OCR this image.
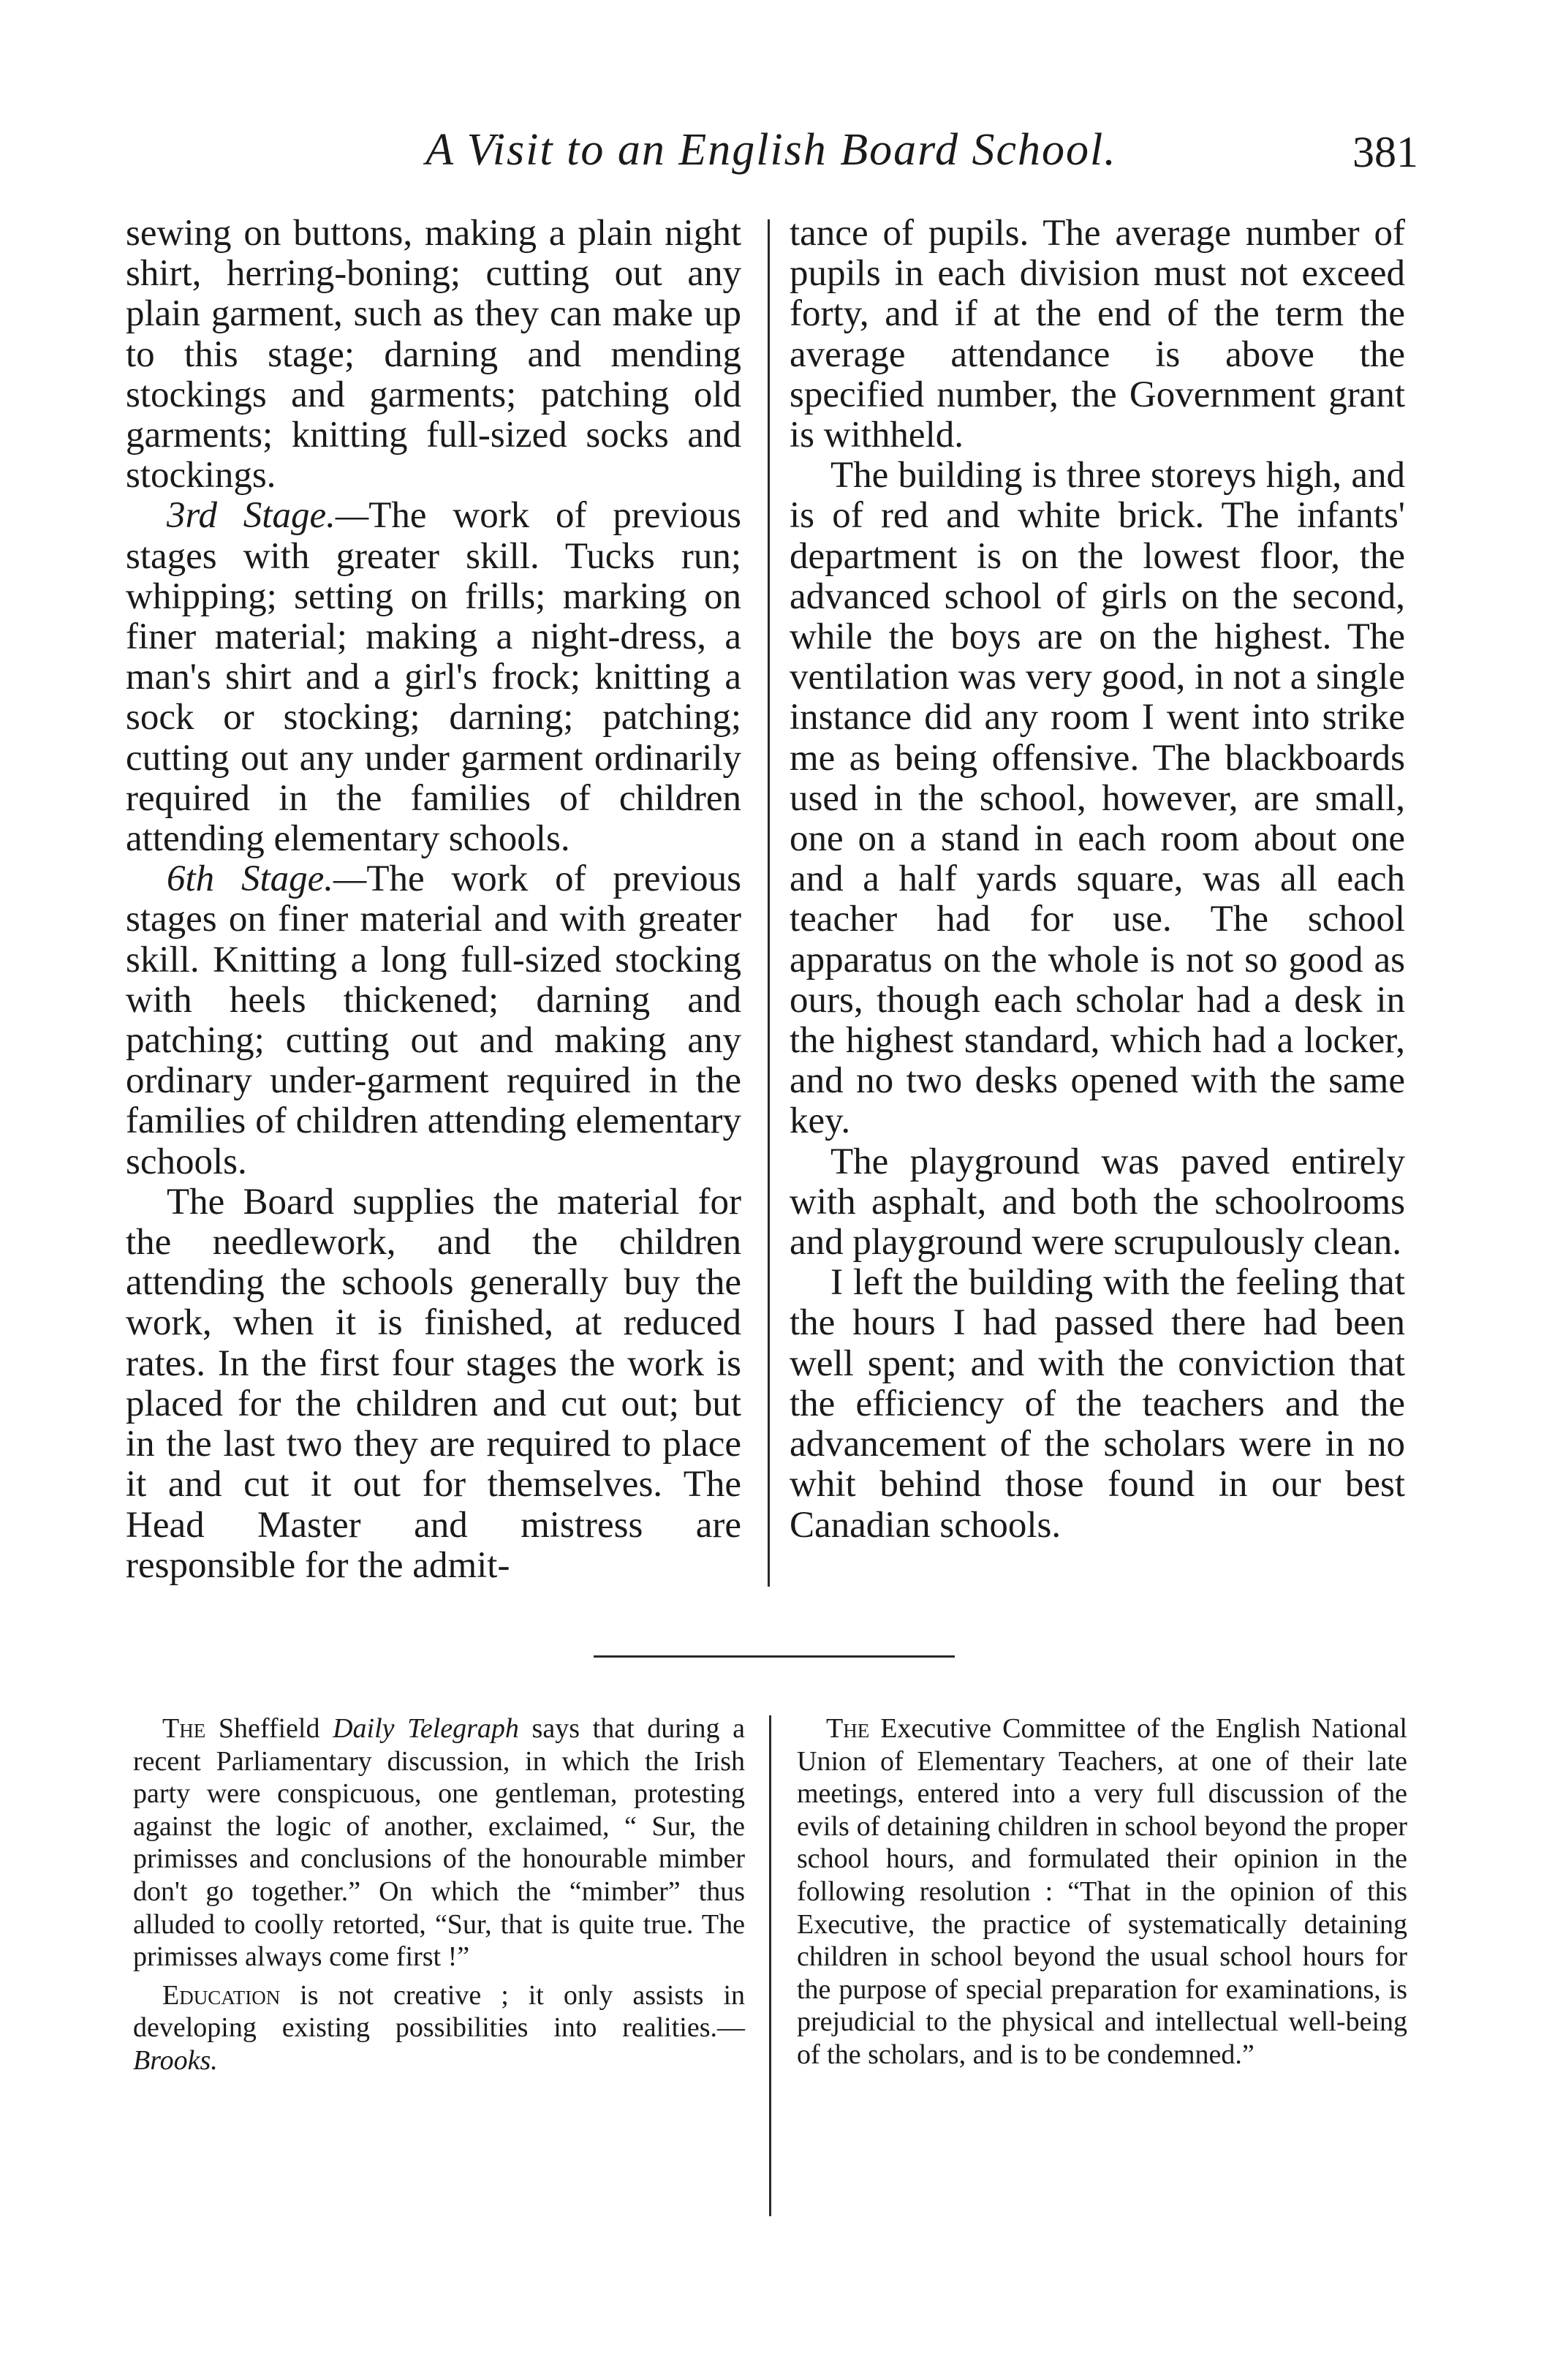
A Visit to an English Board School.	381

sewing on buttons, making a plain night shirt, herring-boning; cutting out any plain garment, such as they can make up to this stage; darning and mending stockings and garments; patching old garments; knitting full-sized socks and stockings.

3rd Stage.—The work of previous stages with greater skill. Tucks run; whipping; setting on frills; marking on finer material; making a night-dress, a man's shirt and a girl's frock; knitting a sock or stocking; darning; patching; cutting out any under garment ordinarily required in the families of children attending elementary schools.

6th Stage.—The work of previous stages on finer material and with greater skill. Knitting a long full-sized stocking with heels thickened; darning and patching; cutting out and making any ordinary under-garment required in the families of children attending elementary schools.

The Board supplies the material for the needlework, and the children attending the schools generally buy the work, when it is finished, at reduced rates. In the first four stages the work is placed for the children and cut out; but in the last two they are required to place it and cut it out for themselves. The Head Master and mistress are responsible for the admit-

tance of pupils. The average number of pupils in each division must not exceed forty, and if at the end of the term the average attendance is above the specified number, the Government grant is withheld.

The building is three storeys high, and is of red and white brick. The infants' department is on the lowest floor, the advanced school of girls on the second, while the boys are on the highest. The ventilation was very good, in not a single instance did any room I went into strike me as being offensive. The blackboards used in the school, however, are small, one on a stand in each room about one and a half yards square, was all each teacher had for use. The school apparatus on the whole is not so good as ours, though each scholar had a desk in the highest standard, which had a locker, and no two desks opened with the same key.

The playground was paved entirely with asphalt, and both the schoolrooms and playground were scrupulously clean.

I left the building with the feeling that the hours I had passed there had been well spent; and with the conviction that the efficiency of the teachers and the advancement of the scholars were in no whit behind those found in our best Canadian schools.

The Sheffield Daily Telegraph says that during a recent Parliamentary discussion, in which the Irish party were conspicuous, one gentleman, protesting against the logic of another, exclaimed, “ Sur, the primisses and conclusions of the honourable mimber don't go together.” On which the “mimber” thus alluded to coolly retorted, “Sur, that is quite true. The primisses always come first !”

Education is not creative ; it only assists in developing existing possibilities into realities.—Brooks.

The Executive Committee of the English National Union of Elementary Teachers, at one of their late meetings, entered into a very full discussion of the evils of detaining children in school beyond the proper school hours, and formulated their opinion in the following resolution : “That in the opinion of this Executive, the practice of systematically detaining children in school beyond the usual school hours for the purpose of special preparation for examinations, is prejudicial to the physical and intellectual well-being of the scholars, and is to be condemned.”
